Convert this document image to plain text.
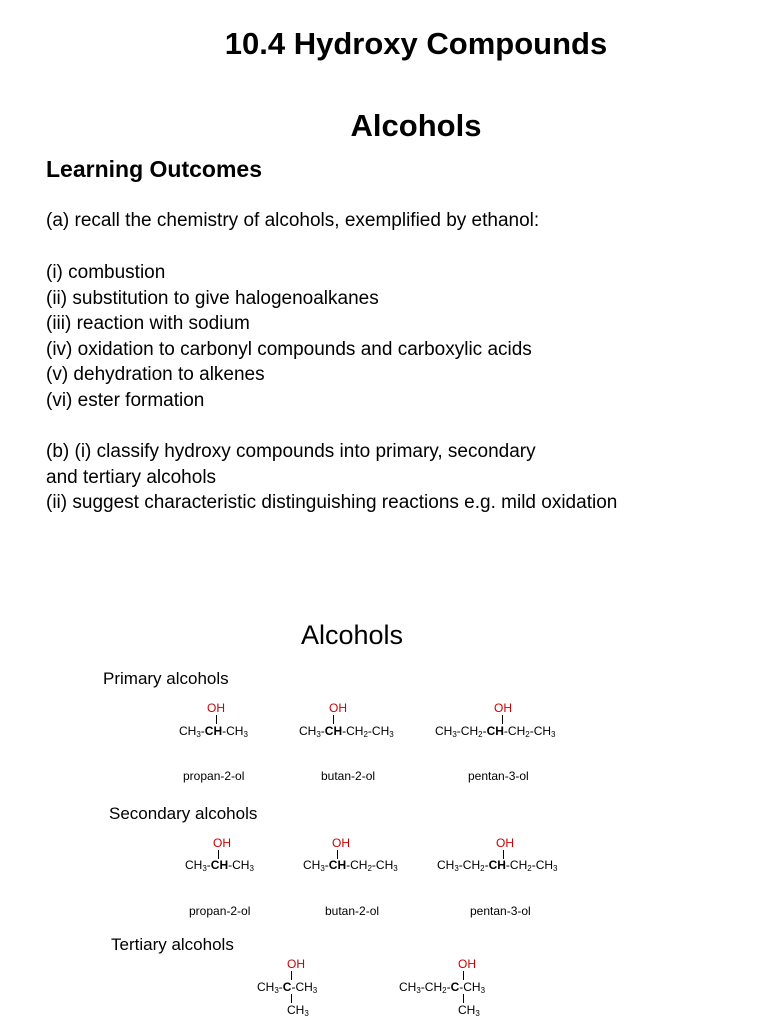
10.4 Hydroxy Compounds
Alcohols
Learning Outcomes
(a) recall the chemistry of alcohols, exemplified by ethanol:
(i) combustion
(ii) substitution to give halogenoalkanes
(iii) reaction with sodium
(iv) oxidation to carbonyl compounds and carboxylic acids
(v) dehydration to alkenes
(vi) ester formation
(b) (i) classify hydroxy compounds into primary, secondary
and tertiary alcohols
(ii) suggest characteristic distinguishing reactions e.g. mild oxidation
Alcohols
Primary alcohols
OH
$CH_3-CH-CH_3$
propan-2-ol
OH
$CH_3-CH-CH_2-CH_3$
butan-2-ol
OH
$CH_3-CH_2-CH-CH_2-CH_3$
pentan-3-ol
Secondary alcohols
OH
$CH_3-CH-CH_3$
propan-2-ol
OH
$CH_3-CH-CH_2-CH_3$
butan-2-ol
OH
$CH_3-CH_2-CH-CH_2-CH_3$
pentan-3-ol
Tertiary alcohols
OH
$CH_3-C-CH_3$
$CH_3$
OH
$CH_3-CH_2-C-CH_3$
$CH_3$
